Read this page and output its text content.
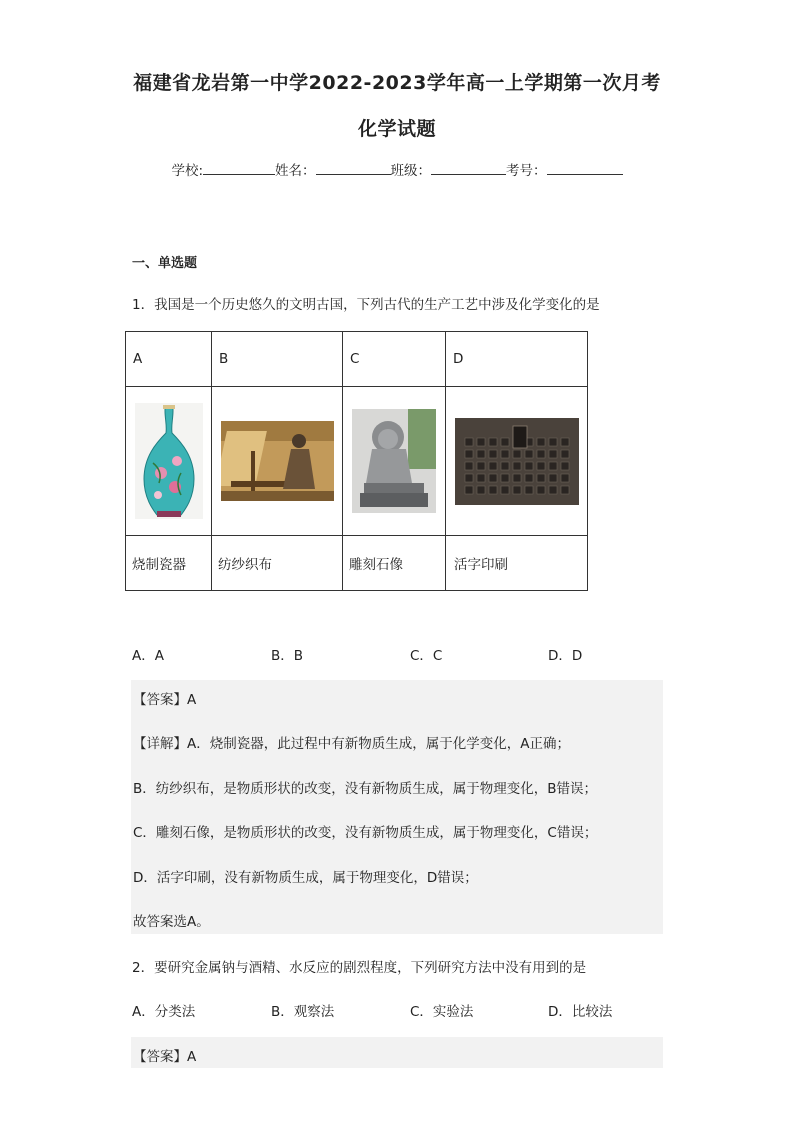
福建省龙岩第一中学2022-2023学年高一上学期第一次月考
化学试题
学校:	姓名：	班级：	考号：
一、单选题
1．我国是一个历史悠久的文明古国，下列古代的生产工艺中涉及化学变化的是
A	B	C	D

烧制瓷器	纺纱织布	雕刻石像	活字印刷
A．A	B．B	C．C	D．D
【答案】A
【详解】A．烧制瓷器，此过程中有新物质生成，属于化学变化，A正确；
B．纺纱织布，是物质形状的改变，没有新物质生成，属于物理变化，B错误；
C．雕刻石像，是物质形状的改变，没有新物质生成，属于物理变化，C错误；
D．活字印刷，没有新物质生成，属于物理变化，D错误；
故答案选A。
2．要研究金属钠与酒精、水反应的剧烈程度，下列研究方法中没有用到的是
A．分类法	B．观察法	C．实验法	D．比较法
【答案】A
